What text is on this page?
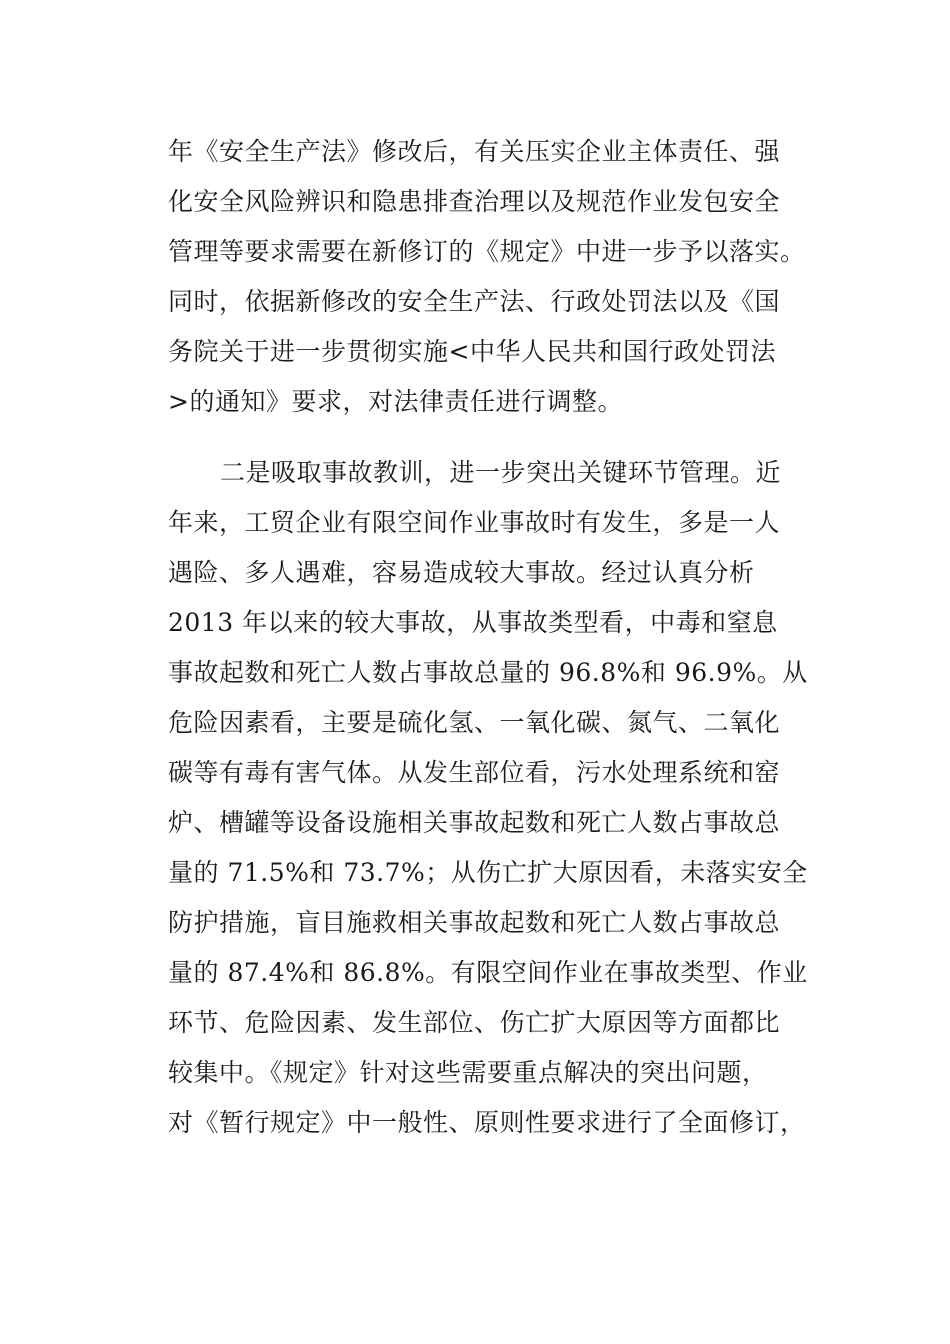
年《安全生产法》修改后，有关压实企业主体责任、强
化安全风险辨识和隐患排查治理以及规范作业发包安全
管理等要求需要在新修订的《规定》中进一步予以落实。
同时，依据新修改的安全生产法、行政处罚法以及《国
务院关于进一步贯彻实施<中华人民共和国行政处罚法
>的通知》要求，对法律责任进行调整。
二是吸取事故教训，进一步突出关键环节管理。近
年来，工贸企业有限空间作业事故时有发生，多是一人
遇险、多人遇难，容易造成较大事故。经过认真分析
2013 年以来的较大事故，从事故类型看，中毒和窒息
事故起数和死亡人数占事故总量的 96.8%和 96.9%。从
危险因素看，主要是硫化氢、一氧化碳、氮气、二氧化
碳等有毒有害气体。从发生部位看，污水处理系统和窑
炉、槽罐等设备设施相关事故起数和死亡人数占事故总
量的 71.5%和 73.7%；从伤亡扩大原因看，未落实安全
防护措施，盲目施救相关事故起数和死亡人数占事故总
量的 87.4%和 86.8%。有限空间作业在事故类型、作业
环节、危险因素、发生部位、伤亡扩大原因等方面都比
较集中。《规定》针对这些需要重点解决的突出问题，
对《暂行规定》中一般性、原则性要求进行了全面修订，
